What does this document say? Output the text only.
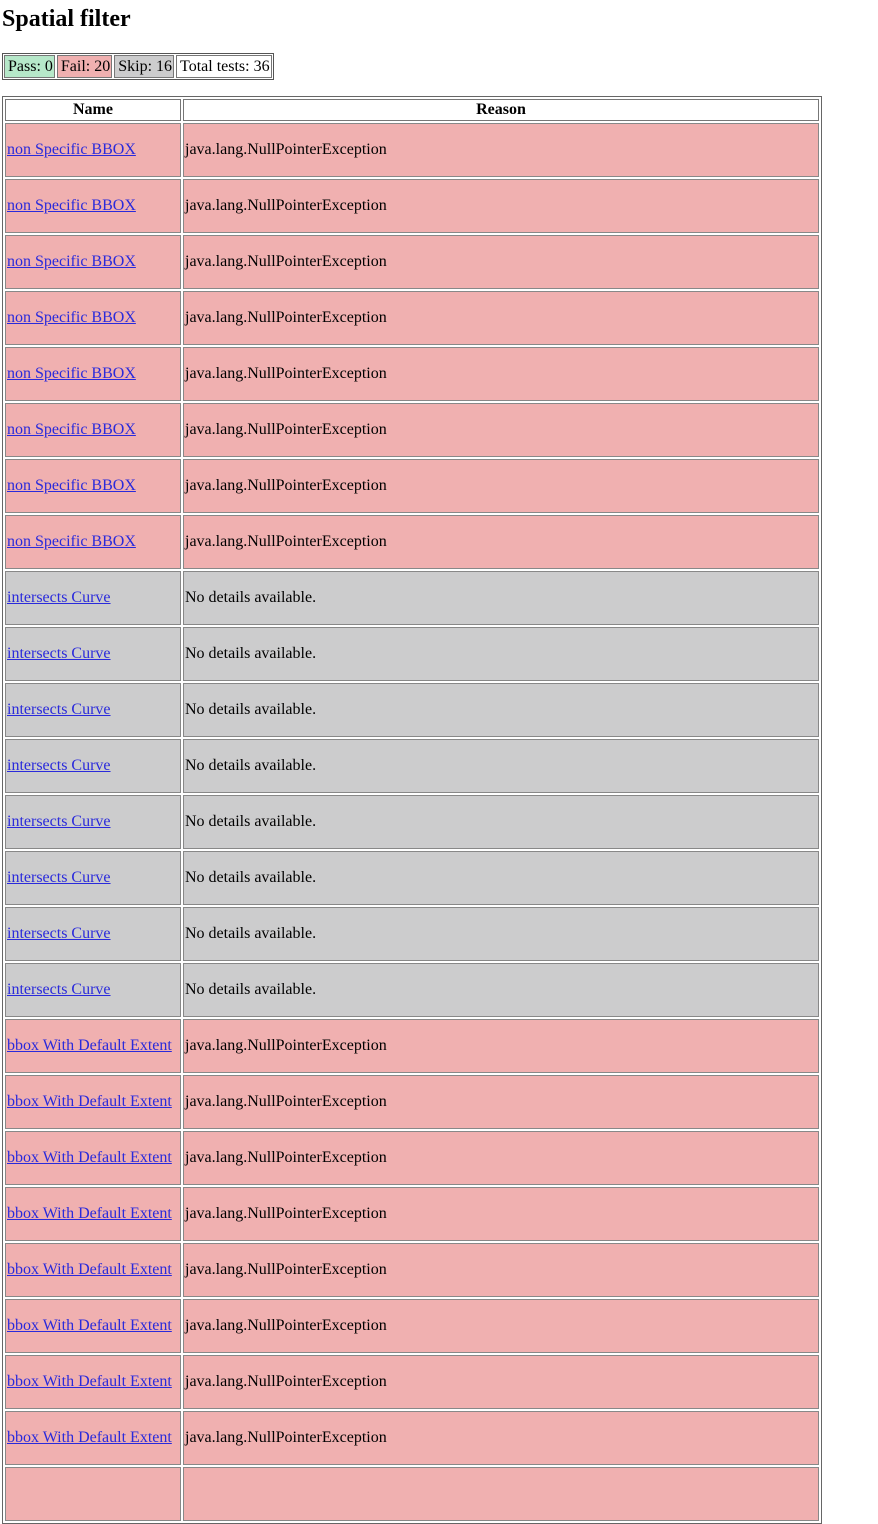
Spatial filter
Pass: 0 Fail: 20 Skip: 16 Total tests: 36
Name	Reason
non Specific BBOX	java.lang.NullPointerException
non Specific BBOX	java.lang.NullPointerException
non Specific BBOX	java.lang.NullPointerException
non Specific BBOX	java.lang.NullPointerException
non Specific BBOX	java.lang.NullPointerException
non Specific BBOX	java.lang.NullPointerException
non Specific BBOX	java.lang.NullPointerException
non Specific BBOX	java.lang.NullPointerException
intersects Curve	No details available.
intersects Curve	No details available.
intersects Curve	No details available.
intersects Curve	No details available.
intersects Curve	No details available.
intersects Curve	No details available.
intersects Curve	No details available.
intersects Curve	No details available.
bbox With Default Extent	java.lang.NullPointerException
bbox With Default Extent	java.lang.NullPointerException
bbox With Default Extent	java.lang.NullPointerException
bbox With Default Extent	java.lang.NullPointerException
bbox With Default Extent	java.lang.NullPointerException
bbox With Default Extent	java.lang.NullPointerException
bbox With Default Extent	java.lang.NullPointerException
bbox With Default Extent	java.lang.NullPointerException
